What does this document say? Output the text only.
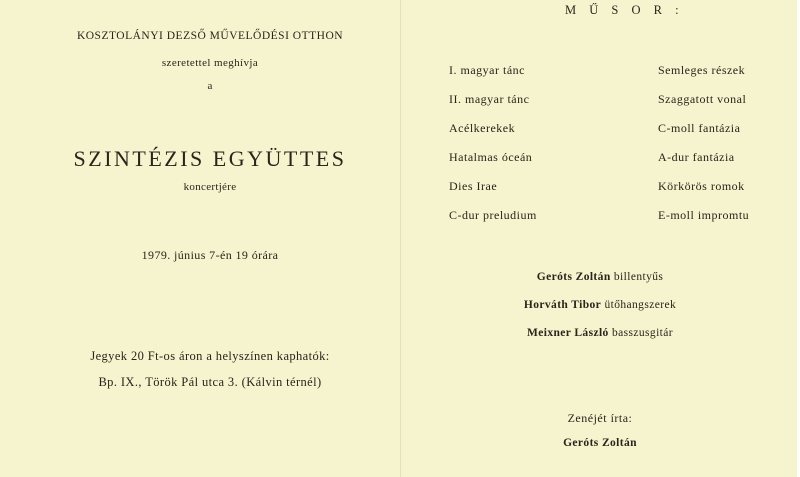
KOSZTOLÁNYI DEZSŐ MŰVELŐDÉSI OTTHON
szeretettel meghívja
a
SZINTÉZIS EGYÜTTES
koncertjére
1979. június 7-én 19 órára
Jegyek 20 Ft-os áron a helyszínen kaphatók:
Bp. IX., Török Pál utca 3. (Kálvin térnél)
M Ű S O R :
I. magyar tánc
II. magyar tánc
Acélkerekek
Hatalmas óceán
Dies Irae
C-dur preludium
Semleges részek
Szaggatott vonal
C-moll fantázia
A-dur fantázia
Körkörös romok
E-moll impromtu
Geróts Zoltán billentyűs
Horváth Tibor ütőhangszerek
Meixner László basszusgitár
Zenéjét írta:
Geróts Zoltán
